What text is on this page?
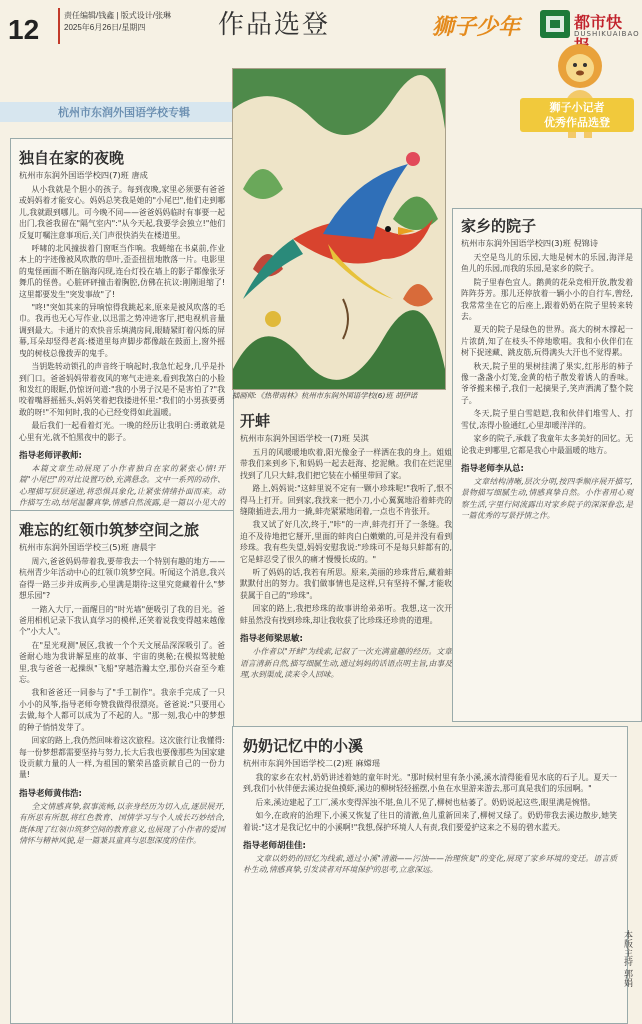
12	责任编辑/钱鑫 | 版式设计/张琳
2025年6月26日/星期四	作品选登	狮子少年	都市快
DUSHIKUAIBAO
杭州市东润外国语学校专辑	狮子小记者
优秀作品选登
独自在家的夜晚
杭州市东润外国语学校四(7)班 唐成

从小我就是个胆小的孩子。每到夜晚,家里必须要有爸爸或妈妈着才能安心。妈妈总笑我是她的"小尾巴",他们走到哪儿,我就跟到哪儿。可今晚不同——爸爸妈妈临时有事要一起出门,我爸我留在"隔气室内":"从今天起,我要学会独立!"他们反复叮嘱注意事项后,关门声很快消失在楼道里。

呼啸的北风撞拔着门窗哐当作响。我蜷缩在书桌前,作业本上的字迹像被风吹散的草叶,歪歪扭扭地散落一片。电影里的鬼怪画面不断在脑海闪现,连台灯投在墙上的影子都像张牙舞爪的怪兽。心脏砰砰撞击着胸腔,仿佛在抗议:刚刚退缩了!这里都要发生"突发事故"了!

"咚!"突如其来的异响惊得我跳起来,原来是被风吹落的毛巾。我再也无心写作业,以迅雷之势冲进客厅,把电视机音量调到最大。卡通片的欢快音乐填满房间,眼睛紧盯着闪烁的屏幕,耳朵却竖得老高:楼道里每声脚步都像敲在鼓面上,窗外摇曳的树枝总像拨弄的鬼手。

当钥匙转动锁孔的声音终于响起时,我急忙起身,几乎是扑到门口。爸爸妈妈带着夜风的寒气走进来,看到我煞白的小脸和发红的眼眶,仍惊讶问道:"我的小男子汉是不是害怕了?"我咬着嘴唇摇摇头,妈妈笑着把我搂进怀里:"我们的小男孩要勇敢的呀!"不知何时,我的心已经变得如此温暖。

最后我们一起看着灯光。一晚的经历让我明白:勇敢就是心里有光,就不怕黑夜中的影子。

指导老师评教师:

本篇文章生动展现了小作者独自在家的紧张心情!开篇"小尾巴"的对比设置巧妙,充满悬念。文中一系列的动作、心理描写层层递进,将恐惧具象化,让紧张情绪扑面而来。动作描写生动,结尾温馨真挚,情感自然流露,是一篇以小见大的

难忘的红领巾筑梦空间之旅
杭州市东润外国语学校三(5)班 唐晨宇

周六,爸爸妈妈带着我,要带我去一个特别有趣的地方——杭州青少年活动中心的红领巾筑梦空间。听闻这个消息,我兴奋得一路三步并成两步,心里满是期待:这里究竟藏着什么"梦想乐园"?

一踏入大厅,一面醒目的"时光墙"便吸引了我的目光。爸爸用相机记录下我认真学习的模样,还笑着说我变得越来越像个"小大人"。

在"星光观测"展区,我被一个个天文展品深深吸引了。爸爸耐心地为我讲解星座的故事、宇宙的奥秘;在模拟驾驶舱里,我与爸爸一起操纵"飞船"穿越浩瀚太空,那份兴奋至今难忘。

我和爸爸还一同参与了"手工制作"。我亲手完成了一只小小的风筝,指导老师夸赞我做得很漂亮。爸爸说:"只要用心去做,每个人都可以成为了不起的人。"那一刻,我心中的梦想的种子悄悄发芽了。

回家的路上,我仍然回味着这次旅程。这次旅行让我懂得:每一份梦想都需要坚持与努力,长大后我也要像那些为国家建设贡献力量的人一样,为祖国的繁荣昌盛贡献自己的一份力量!

指导老师黄伟浩:

全文情感真挚,叙事流畅,以亲身经历为切入点,逐层展开,有所思有所想,将红色教育、国情学习与个人成长巧妙结合,既体现了红领巾筑梦空间的教育意义,也展现了小作者的爱国情怀与精神风貌,是一篇兼具童真与思想深度的佳作。

插画师:《热带雨林》杭州市东润外国语学校(6)班 胡伊诺
开蚌
杭州市东润外国语学校一(7)班 吴淇

五月的风暖暖地吹着,阳光像金子一样洒在我的身上。姐姐带我们来到乡下,和妈妈一起去赶海、挖泥鳅。我们在烂泥里找到了几只大蚌,我们把它装在小桶里带回了家。

路上,妈妈说:"这蚌里说不定有一颗小珍珠呢!"我听了,恨不得马上打开。回到家,我找来一把小刀,小心翼翼地沿着蚌壳的缝隙插进去,用力一撬,蚌壳紧紧地闭着,一点也不肯张开。

我又试了好几次,终于,"咔"的一声,蚌壳打开了一条缝。我迫不及待地把它掰开,里面的蚌肉白白嫩嫩的,可是并没有看到珍珠。我有些失望,妈妈安慰我说:"珍珠可不是每只蚌都有的,它是蚌忍受了很久的痛才慢慢长成的。"

听了妈妈的话,我若有所思。原来,美丽的珍珠背后,藏着蚌默默付出的努力。我们做事情也是这样,只有坚持不懈,才能收获属于自己的"珍珠"。

回家的路上,我把珍珠的故事讲给弟弟听。我想,这一次开蚌虽然没有找到珍珠,却让我收获了比珍珠还珍贵的道理。

指导老师梁思敏:

小作者以"开蚌"为线索,记叙了一次充满童趣的经历。文章语言清新自然,描写细腻生动,通过妈妈的话语点明主旨,由事及理,水到渠成,读来令人回味。

家乡的院子
杭州市东润外国语学校四(3)班 倪锦诗

天空是鸟儿的乐园,大地是树木的乐园,海洋是鱼儿的乐园,而我的乐园,是家乡的院子。

院子里春色宜人。鹅黄的花朵竞相开放,散发着阵阵芬芳。那儿还停放着一辆小小的自行车,曾经,我常常坐在它的后座上,跟着奶奶在院子里转来转去。

夏天的院子是绿色的世界。高大的树木撑起一片浓荫,知了在枝头不停地歌唱。我和小伙伴们在树下捉迷藏、跳皮筋,玩得满头大汗也不觉得累。

秋天,院子里的果树挂满了果实,红彤彤的柿子像一盏盏小灯笼,金黄的桔子散发着诱人的香味。爷爷搬来梯子,我们一起摘果子,笑声洒满了整个院子。

冬天,院子里白雪皑皑,我和伙伴们堆雪人、打雪仗,冻得小脸通红,心里却暖洋洋的。

家乡的院子,承载了我童年太多美好的回忆。无论我走到哪里,它都是我心中最温暖的地方。

指导老师李从总:

文章结构清晰,层次分明,按四季顺序展开描写,景物描写细腻生动,情感真挚自然。小作者用心观察生活,字里行间流露出对家乡院子的深深眷恋,是一篇优秀的写景抒情之作。

奶奶记忆中的小溪
杭州市东润外国语学校二(2)班 麻嫦瑶

我的家乡在农村,奶奶讲述着她的童年时光。"那时候村里有条小溪,溪水清得能看见水底的石子儿。夏天一到,我们小伙伴便去溪边捉鱼摸虾,溪边的柳树轻轻摇摆,小鱼在水里游来游去,那可真是我们的乐园啊。"

后来,溪边建起了工厂,溪水变得浑浊不堪,鱼儿不见了,柳树也枯萎了。奶奶说起这些,眼里满是惋惜。

如今,在政府的治理下,小溪又恢复了往日的清澈,鱼儿重新回来了,柳树又绿了。奶奶带我去溪边散步,她笑着说:"这才是我记忆中的小溪啊!"我想,保护环境人人有责,我们要爱护这来之不易的碧水蓝天。

指导老师胡佳佳:

文章以奶奶的回忆为线索,通过小溪"清澈——污浊——治理恢复"的变化,展现了家乡环境的变迁。语言质朴生动,情感真挚,引发读者对环境保护的思考,立意深远。

本版主持 郭娟
